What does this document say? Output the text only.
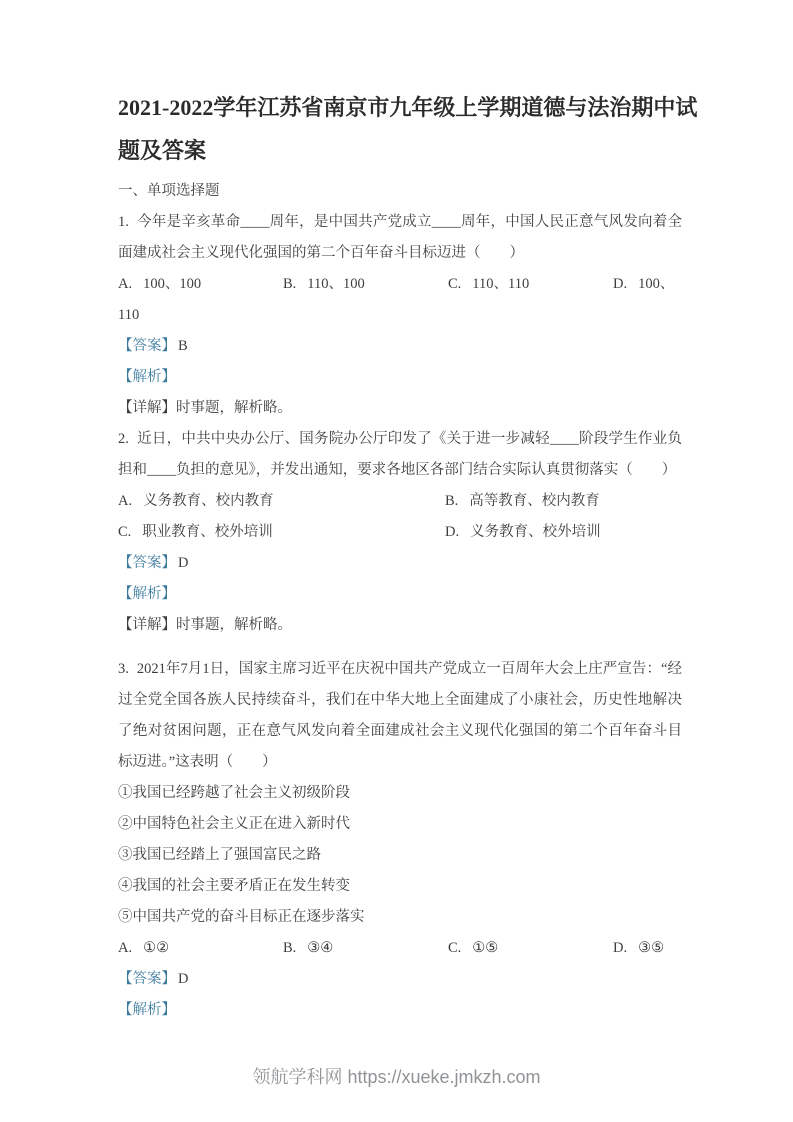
2021-2022学年江苏省南京市九年级上学期道德与法治期中试题及答案

一、单项选择题

1. 今年是辛亥革命____周年，是中国共产党成立____周年，中国人民正意气风发向着全面建成社会主义现代化强国的第二个百年奋斗目标迈进（　　）

A. 100、100	B. 110、100	C. 110、110	D. 100、

110

【答案】 B

【解析】

【详解】时事题，解析略。

2. 近日，中共中央办公厅、国务院办公厅印发了《关于进一步减轻____阶段学生作业负担和____负担的意见》，并发出通知，要求各地区各部门结合实际认真贯彻落实（　　）

A. 义务教育、校内教育	B. 高等教育、校内教育
C. 职业教育、校外培训	D. 义务教育、校外培训

【答案】 D

【解析】

【详解】时事题，解析略。

3. 2021年7月1日，国家主席习近平在庆祝中国共产党成立一百周年大会上庄严宣告：“经过全党全国各族人民持续奋斗，我们在中华大地上全面建成了小康社会，历史性地解决了绝对贫困问题，正在意气风发向着全面建成社会主义现代化强国的第二个百年奋斗目标迈进。”这表明（　　）

①我国已经跨越了社会主义初级阶段

②中国特色社会主义正在进入新时代

③我国已经踏上了强国富民之路

④我国的社会主要矛盾正在发生转变

⑤中国共产党的奋斗目标正在逐步落实

A. ①②	B. ③④	C. ①⑤	D. ③⑤

【答案】 D

【解析】

领航学科网 https://xueke.jmkzh.com
